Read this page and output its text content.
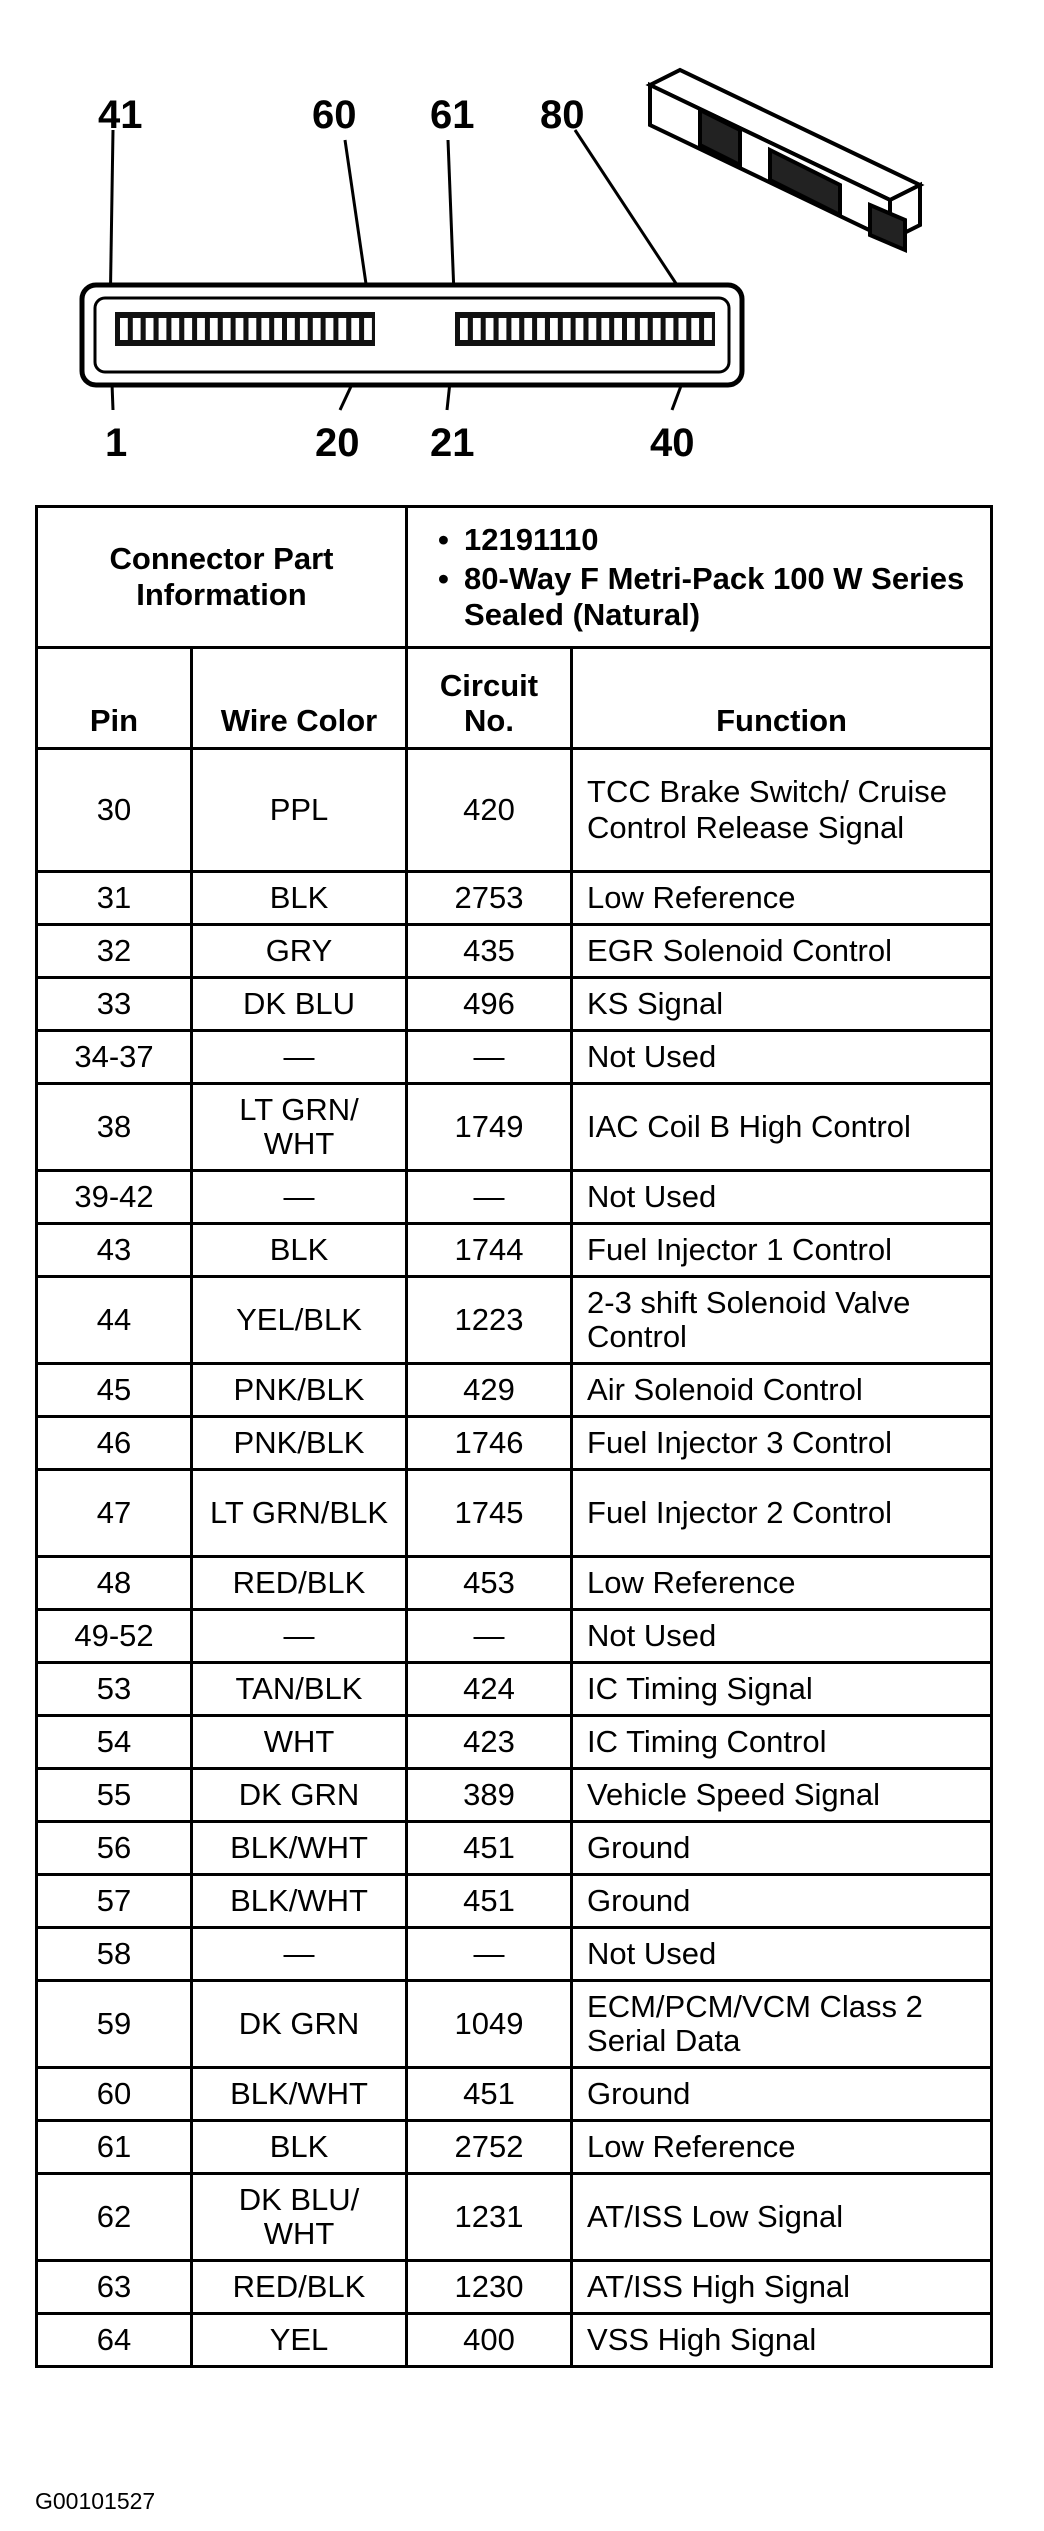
41	60 61 80
1	20 21	40
Connector Part Information		• 12191110
• 80-Way F Metri-Pack 100 W Series Sealed (Natural)

Pin	Wire Color	Circuit No.	Function
30	PPL	420	TCC Brake Switch/ Cruise Control Release Signal
31	BLK	2753	Low Reference
32	GRY	435	EGR Solenoid Control
33	DK BLU	496	KS Signal
34-37	—	—	Not Used
38	LT GRN/ WHT	1749	IAC Coil B High Control
39-42	—	—	Not Used
43	BLK	1744	Fuel Injector 1 Control
44	YEL/BLK	1223	2-3 shift Solenoid Valve Control
45	PNK/BLK	429	Air Solenoid Control
46	PNK/BLK	1746	Fuel Injector 3 Control
47	LT GRN/BLK	1745	Fuel Injector 2 Control
48	RED/BLK	453	Low Reference
49-52	—	—	Not Used
53	TAN/BLK	424	IC Timing Signal
54	WHT	423	IC Timing Control
55	DK GRN	389	Vehicle Speed Signal
56	BLK/WHT	451	Ground
57	BLK/WHT	451	Ground
58	—	—	Not Used
59	DK GRN	1049	ECM/PCM/VCM Class 2 Serial Data
60	BLK/WHT	451	Ground
61	BLK	2752	Low Reference
62	DK BLU/ WHT	1231	AT/ISS Low Signal
63	RED/BLK	1230	AT/ISS High Signal
64	YEL	400	VSS High Signal
G00101527
